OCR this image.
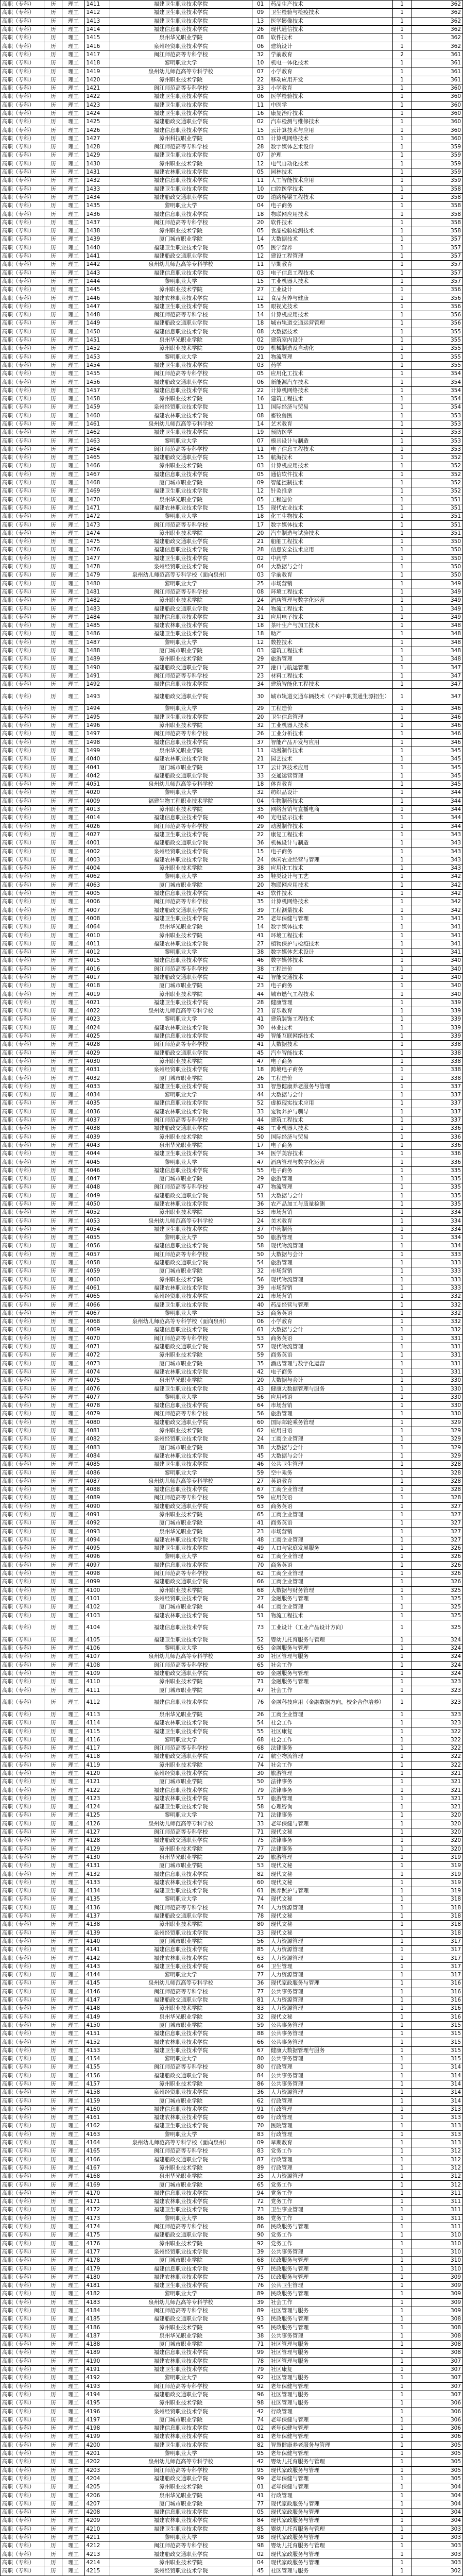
高职（专科）	历	理工	1411	福建卫生职业技术学院	01	药品生产技术	1	362
高职（专科）	历	理工	1412	福建卫生职业技术学院	09	卫生检验与检疫技术	1	362
高职（专科）	历	理工	1413	福建卫生职业技术学院	13	医学影像技术	1	362
高职（专科）	历	理工	1414	福建信息职业技术学院	26	现代通信技术	1	362
高职（专科）	历	理工	1415	泉州华光职业学院	08	软件技术	1	362
高职（专科）	历	理工	1416	泉州经贸职业技术学院	06	建筑设计	1	362
高职（专科）	历	理工	1417	闽江师范高等专科学校	32	学前教育	2	361
高职（专科）	历	理工	1418	黎明职业大学	10	机电一体化技术	1	361
高职（专科）	历	理工	1419	泉州幼儿师范高等专科学校	07	小学教育	1	361
高职（专科）	历	理工	1420	漳州职业技术学院	22	移动应用开发	1	361
高职（专科）	历	理工	1421	闽江师范高等专科学校	33	小学教育	1	360
高职（专科）	历	理工	1422	福建卫生职业技术学院	06	医学检验技术	1	360
高职（专科）	历	理工	1423	福建卫生职业技术学院	11	中医学	1	360
高职（专科）	历	理工	1424	福建卫生职业技术学院	16	康复治疗技术	1	360
高职（专科）	历	理工	1425	福建船政交通职业学院	02	汽车检测与维修技术	1	360
高职（专科）	历	理工	1426	福建信息职业技术学院	15	云计算技术与应用	1	360
高职（专科）	历	理工	1427	漳州科技职业学院	03	计算机网络技术	1	360
高职（专科）	历	理工	1428	闽江师范高等专科学校	28	数字媒体艺术设计	1	359
高职（专科）	历	理工	1429	福建卫生职业技术学院	07	护理	1	359
高职（专科）	历	理工	1430	漳州职业技术学院	12	电气自动化技术	1	359
高职（专科）	历	理工	1431	福建农林职业技术学院	05	园林技术	1	359
高职（专科）	历	理工	1432	福建信息职业技术学院	11	人工智能技术应用	1	359
高职（专科）	历	理工	1433	福建卫生职业技术学院	10	口腔医学技术	1	358
高职（专科）	历	理工	1434	福建船政交通职业学院	09	道路桥梁工程技术	1	358
高职（专科）	历	理工	1435	黎明职业大学	04	电子商务	1	358
高职（专科）	历	理工	1436	福建信息职业技术学院	18	物联网应用技术	1	358
高职（专科）	历	理工	1437	闽江师范高等专科学校	20	软件技术	1	358
高职（专科）	历	理工	1438	漳州职业技术学院	05	食品检验检测技术	1	358
高职（专科）	历	理工	1439	厦门城市职业学院	14	大数据技术	1	357
高职（专科）	历	理工	1440	福建卫生职业技术学院	05	医学营养	1	357
高职（专科）	历	理工	1441	福建船政交通职业学院	12	建设工程管理	1	357
高职（专科）	历	理工	1442	泉州幼儿师范高等专科学校	11	早期教育	1	357
高职（专科）	历	理工	1443	福建信息职业技术学院	03	电子信息工程技术	1	357
高职（专科）	历	理工	1444	黎明职业大学	15	工业机器人技术	1	357
高职（专科）	历	理工	1445	漳州职业技术学院	27	工业设计	1	356
高职（专科）	历	理工	1446	福建农林职业技术学院	12	食品营养与健康	1	356
高职（专科）	历	理工	1447	福建卫生职业技术学院	15	眼视光技术	1	356
高职（专科）	历	理工	1448	闽江师范高等专科学校	14	计算机应用技术	1	356
高职（专科）	历	理工	1449	福建船政交通职业学院	18	城市轨道交通运营管理	1	356
高职（专科）	历	理工	1450	福建信息职业技术学院	08	大数据技术	1	355
高职（专科）	历	理工	1451	泉州华光职业学院	02	建筑室内设计	1	355
高职（专科）	历	理工	1452	漳州职业技术学院	09	机械制造及自动化	1	355
高职（专科）	历	理工	1453	黎明职业大学	21	物流管理	1	355
高职（专科）	历	理工	1454	福建卫生职业技术学院	03	药学	1	355
高职（专科）	历	理工	1455	闽江师范高等专科学校	05	应用化工技术	1	354
高职（专科）	历	理工	1456	福建船政交通职业学院	06	新能源汽车技术	1	354
高职（专科）	历	理工	1457	福建信息职业技术学院	22	计算机网络技术	1	354
高职（专科）	历	理工	1458	漳州职业技术学院	16	建筑工程技术	1	354
高职（专科）	历	理工	1459	泉州经贸职业技术学院	11	国际经济与贸易	1	354
高职（专科）	历	理工	1460	福建农林职业技术学院	08	畜牧兽医	1	353
高职（专科）	历	理工	1461	泉州幼儿师范高等专科学校	14	艺术教育	1	353
高职（专科）	历	理工	1462	福建卫生职业技术学院	19	预防医学	1	353
高职（专科）	历	理工	1463	黎明职业大学	07	模具设计与制造	1	353
高职（专科）	历	理工	1464	闽江师范高等专科学校	11	电子信息工程技术	1	353
高职（专科）	历	理工	1465	福建船政交通职业学院	15	航海技术	1	352
高职（专科）	历	理工	1466	漳州职业技术学院	03	计算机应用技术	1	352
高职（专科）	历	理工	1467	福建信息职业技术学院	05	通信软件技术	1	352
高职（专科）	历	理工	1468	厦门城市职业学院	09	智能控制技术	1	352
高职（专科）	历	理工	1469	福建卫生职业技术学院	12	针灸推拿	1	352
高职（专科）	历	理工	1470	泉州华光职业学院	05	工程造价	1	351
高职（专科）	历	理工	1471	福建农林职业技术学院	15	现代农业技术	1	351
高职（专科）	历	理工	1472	黎明职业大学	18	化工生物技术	1	351
高职（专科）	历	理工	1473	闽江师范高等专科学校	17	数字媒体技术	1	351
高职（专科）	历	理工	1474	漳州职业技术学院	20	汽车制造与试验技术	1	351
高职（专科）	历	理工	1475	福建船政交通职业学院	21	船舶工程技术	1	350
高职（专科）	历	理工	1476	福建信息职业技术学院	28	信息安全技术应用	1	350
高职（专科）	历	理工	1477	福建卫生职业技术学院	02	中药学	1	350
高职（专科）	历	理工	1478	泉州经贸职业技术学院	04	大数据与会计	1	350
高职（专科）	历	理工	1479	泉州幼儿师范高等专科学校（面向泉州）	03	学前教育	1	350
高职（专科）	历	理工	1480	黎明职业大学	25	市场营销	1	349
高职（专科）	历	理工	1481	闽江师范高等专科学校	08	环境工程技术	1	349
高职（专科）	历	理工	1482	漳州职业技术学院	24	酒店管理与数字化运营	1	349
高职（专科）	历	理工	1483	福建船政交通职业学院	24	物流工程技术	1	349
高职（专科）	历	理工	1484	福建信息职业技术学院	31	应用电子技术	1	349
高职（专科）	历	理工	1485	福建农林职业技术学院	18	茶叶生产与加工技术	1	348
高职（专科）	历	理工	1486	福建卫生职业技术学院	18	助产	1	348
高职（专科）	历	理工	1487	黎明职业大学	12	数控技术	1	348
高职（专科）	历	理工	1488	厦门城市职业学院	03	建筑工程技术	1	348
高职（专科）	历	理工	1489	漳州职业技术学院	29	旅游管理	1	348
高职（专科）	历	理工	1490	福建船政交通职业学院	27	港口与航运管理	1	347
高职（专科）	历	理工	1491	闽江师范高等专科学校	23	材料工程技术	1	347
高职（专科）	历	理工	1492	福建信息职业技术学院	34	建筑智能化工程技术	1	347
高职（专科）	历	理工	1493	福建船政交通职业学院	30	城市轨道交通车辆技术（不向中职贯通生源招生）	1	347
高职（专科）	历	理工	1494	黎明职业大学	29	工程造价	1	346
高职（专科）	历	理工	1495	福建卫生职业技术学院	20	卫生信息管理	1	346
高职（专科）	历	理工	1496	漳州职业技术学院	32	工业机器人技术	1	346
高职（专科）	历	理工	1497	闽江师范高等专科学校	26	工业分析技术	1	346
高职（专科）	历	理工	1498	福建信息职业技术学院	37	智能产品开发与应用	1	346
高职（专科）	历	理工	1499	泉州华光职业学院	11	动漫制作技术	1	345
高职（专科）	历	理工	4040	福建农林职业技术学院	21	园艺技术	1	345
高职（专科）	历	理工	4041	厦门城市职业学院	17	云计算技术应用	1	345
高职（专科）	历	理工	4042	福建船政交通职业学院	33	交通运营管理	1	345
高职（专科）	历	理工	4051	泉州幼儿师范高等专科学校	18	体育教育	1	345
高职（专科）	历	理工	4020	黎明职业大学	32	纺织品设计	1	344
高职（专科）	历	理工	4009	福建生物工程职业技术学院	04	生物制药技术	1	344
高职（专科）	历	理工	4013	漳州职业技术学院	35	网络营销与直播电商	1	344
高职（专科）	历	理工	4014	福建信息职业技术学院	40	光电显示技术	1	344
高职（专科）	历	理工	4026	闽江师范高等专科学校	29	动漫制作技术	1	344
高职（专科）	历	理工	4027	福建卫生职业技术学院	22	康复工程技术	1	343
高职（专科）	历	理工	4001	福建船政交通职业学院	36	机械设计与制造	1	343
高职（专科）	历	理工	4002	泉州经贸职业技术学院	15	电子商务	1	343
高职（专科）	历	理工	4003	福建农林职业技术学院	24	休闲农业经营与管理	1	343
高职（专科）	历	理工	4004	漳州职业技术学院	38	应用化工技术	1	343
高职（专科）	历	理工	4062	黎明职业大学	35	鞋类设计与工艺	1	342
高职（专科）	历	理工	4063	厦门城市职业学院	20	物联网应用技术	1	342
高职（专科）	历	理工	4005	福建信息职业技术学院	43	软件技术	1	342
高职（专科）	历	理工	4006	闽江师范高等专科学校	35	计算机网络技术	1	342
高职（专科）	历	理工	4007	福建船政交通职业学院	39	工程测量技术	1	342
高职（专科）	历	理工	4008	福建卫生职业技术学院	25	老年保健与管理	1	341
高职（专科）	历	理工	4064	泉州华光职业学院	14	数字媒体技术	1	341
高职（专科）	历	理工	4010	漳州职业技术学院	41	环境工程技术	1	341
高职（专科）	历	理工	4011	福建农林职业技术学院	27	植物保护与检疫技术	1	341
高职（专科）	历	理工	4012	黎明职业大学	38	数字媒体艺术设计	1	341
高职（专科）	历	理工	4015	福建信息职业技术学院	46	数字媒体技术	1	340
高职（专科）	历	理工	4016	闽江师范高等专科学校	38	工程造价	1	340
高职（专科）	历	理工	4017	福建船政交通职业学院	42	智能交通技术	1	340
高职（专科）	历	理工	4018	厦门城市职业学院	23	电子商务	1	340
高职（专科）	历	理工	4019	漳州职业技术学院	44	城市燃气工程技术	1	340
高职（专科）	历	理工	4021	福建卫生职业技术学院	28	健康管理	1	339
高职（专科）	历	理工	4022	泉州幼儿师范高等专科学校	21	音乐教育	1	339
高职（专科）	历	理工	4023	黎明职业大学	41	建筑装饰工程技术	1	339
高职（专科）	历	理工	4024	福建农林职业技术学院	30	林业技术	1	339
高职（专科）	历	理工	4025	福建信息职业技术学院	49	智能互联网络技术	1	339
高职（专科）	历	理工	4028	闽江师范高等专科学校	41	大数据技术	1	338
高职（专科）	历	理工	4029	福建船政交通职业学院	45	汽车智能技术	1	338
高职（专科）	历	理工	4030	漳州职业技术学院	47	电子商务	1	338
高职（专科）	历	理工	4031	泉州经贸职业技术学院	18	跨境电子商务	1	338
高职（专科）	历	理工	4032	厦门城市职业学院	26	工程造价	1	338
高职（专科）	历	理工	4033	福建卫生职业技术学院	31	智慧健康养老服务与管理	1	337
高职（专科）	历	理工	4034	黎明职业大学	44	大数据与会计	1	337
高职（专科）	历	理工	4035	福建信息职业技术学院	52	虚拟现实技术应用	1	337
高职（专科）	历	理工	4036	福建农林职业技术学院	33	宠物养护与驯导	1	337
高职（专科）	历	理工	4037	闽江师范高等专科学校	44	建筑工程技术	1	337
高职（专科）	历	理工	4038	福建船政交通职业学院	48	工业机器人技术	1	336
高职（专科）	历	理工	4039	漳州职业技术学院	50	国际经济与贸易	1	336
高职（专科）	历	理工	4043	泉州华光职业学院	17	电子商务	1	336
高职（专科）	历	理工	4044	福建卫生职业技术学院	34	医学美容技术	1	336
高职（专科）	历	理工	4045	黎明职业大学	47	酒店管理与数字化运营	1	336
高职（专科）	历	理工	4046	福建信息职业技术学院	55	电子商务	1	335
高职（专科）	历	理工	4047	厦门城市职业学院	29	旅游管理	1	335
高职（专科）	历	理工	4048	闽江师范高等专科学校	47	物流管理	1	335
高职（专科）	历	理工	4049	福建船政交通职业学院	51	大数据与会计	1	335
高职（专科）	历	理工	4050	福建农林职业技术学院	36	农产品加工与质量检测	1	335
高职（专科）	历	理工	4052	漳州职业技术学院	53	市场营销	1	334
高职（专科）	历	理工	4053	泉州幼儿师范高等专科学校	24	美术教育	1	334
高职（专科）	历	理工	4054	福建卫生职业技术学院	37	中药制药	1	334
高职（专科）	历	理工	4055	黎明职业大学	50	旅游管理	1	334
高职（专科）	历	理工	4056	福建信息职业技术学院	58	现代物流管理	1	334
高职（专科）	历	理工	4057	闽江师范高等专科学校	50	大数据与会计	1	333
高职（专科）	历	理工	4058	福建船政交通职业学院	54	旅游管理	1	333
高职（专科）	历	理工	4059	厦门城市职业学院	32	市场营销	1	333
高职（专科）	历	理工	4060	漳州职业技术学院	56	现代物流管理	1	333
高职（专科）	历	理工	4061	福建农林职业技术学院	39	市场营销	1	333
高职（专科）	历	理工	4065	泉州经贸职业技术学院	21	市场营销	1	332
高职（专科）	历	理工	4066	福建卫生职业技术学院	40	药品经营与管理	1	332
高职（专科）	历	理工	4067	黎明职业大学	53	商务英语	1	332
高职（专科）	历	理工	4068	泉州幼儿师范高等专科学校（面向泉州）	06	小学教育	1	332
高职（专科）	历	理工	4069	福建信息职业技术学院	61	大数据与会计	1	332
高职（专科）	历	理工	4070	闽江师范高等专科学校	53	商务英语	1	331
高职（专科）	历	理工	4071	福建船政交通职业学院	57	现代物流管理	1	331
高职（专科）	历	理工	4072	漳州职业技术学院	59	商务英语	1	331
高职（专科）	历	理工	4073	厦门城市职业学院	35	酒店管理与数字化运营	1	331
高职（专科）	历	理工	4074	福建农林职业技术学院	42	电子商务	1	331
高职（专科）	历	理工	4075	泉州华光职业学院	20	大数据与会计	1	330
高职（专科）	历	理工	4076	福建卫生职业技术学院	43	健康大数据管理与服务	1	330
高职（专科）	历	理工	4077	黎明职业大学	56	应用韩语	1	330
高职（专科）	历	理工	4078	福建信息职业技术学院	64	市场营销	1	330
高职（专科）	历	理工	4079	闽江师范高等专科学校	56	旅游管理	1	330
高职（专科）	历	理工	4080	福建船政交通职业学院	60	国际邮轮乘务管理	1	329
高职（专科）	历	理工	4081	漳州职业技术学院	62	应用日语	1	329
高职（专科）	历	理工	4082	泉州经贸职业技术学院	24	工商企业管理	1	329
高职（专科）	历	理工	4083	厦门城市职业学院	38	大数据与会计	1	329
高职（专科）	历	理工	4084	福建农林职业技术学院	45	大数据与会计	1	329
高职（专科）	历	理工	4085	福建卫生职业技术学院	46	公共卫生管理	1	328
高职（专科）	历	理工	4086	黎明职业大学	59	空中乘务	1	328
高职（专科）	历	理工	4087	泉州幼儿师范高等专科学校	27	英语教育	1	328
高职（专科）	历	理工	4088	福建信息职业技术学院	67	工商企业管理	1	328
高职（专科）	历	理工	4089	闽江师范高等专科学校	59	应用英语	1	328
高职（专科）	历	理工	4090	福建船政交通职业学院	63	商务英语	1	327
高职（专科）	历	理工	4091	漳州职业技术学院	65	工商企业管理	1	327
高职（专科）	历	理工	4092	厦门城市职业学院	41	商务英语	1	327
高职（专科）	历	理工	4093	泉州华光职业学院	23	市场营销	1	327
高职（专科）	历	理工	4094	福建农林职业技术学院	48	工商企业管理	1	327
高职（专科）	历	理工	4095	福建卫生职业技术学院	49	人口与家庭发展服务	1	326
高职（专科）	历	理工	4096	黎明职业大学	62	工商企业管理	1	326
高职（专科）	历	理工	4097	福建信息职业技术学院	70	商务英语	1	326
高职（专科）	历	理工	4098	闽江师范高等专科学校	62	工商企业管理	1	326
高职（专科）	历	理工	4099	福建船政交通职业学院	66	工商企业管理	1	326
高职（专科）	历	理工	4100	漳州职业技术学院	68	大数据与财务管理	1	325
高职（专科）	历	理工	4101	泉州经贸职业技术学院	27	金融服务与管理	1	325
高职（专科）	历	理工	4102	厦门城市职业学院	44	工商企业管理	1	325
高职（专科）	历	理工	4103	福建农林职业技术学院	51	物流工程技术	1	325
高职（专科）	历	理工	4104	福建信息职业技术学院	73	工业设计（工业产品设计方向）	1	325
高职（专科）	历	理工	4105	福建卫生职业技术学院	52	婴幼儿托育服务与管理	1	324
高职（专科）	历	理工	4106	黎明职业大学	65	金融服务与管理	1	324
高职（专科）	历	理工	4107	泉州幼儿师范高等专科学校	30	社区管理与服务	1	324
高职（专科）	历	理工	4108	闽江师范高等专科学校	65	社会工作	1	324
高职（专科）	历	理工	4109	福建船政交通职业学院	69	金融服务与管理	1	324
高职（专科）	历	理工	4110	漳州职业技术学院	71	金融服务与管理	1	323
高职（专科）	历	理工	4111	厦门城市职业学院	47	社会工作	1	323
高职（专科）	历	理工	4112	福建信息职业技术学院	76	金融科技应用（金融数据方向，校企合作培养）	1	323
高职（专科）	历	理工	4113	泉州华光职业学院	26	工商企业管理	1	323
高职（专科）	历	理工	4114	福建农林职业技术学院	54	社会工作	1	323
高职（专科）	历	理工	4115	福建卫生职业技术学院	55	社区康复	1	322
高职（专科）	历	理工	4116	黎明职业大学	68	社会工作	1	322
高职（专科）	历	理工	4117	闽江师范高等专科学校	68	法律事务	1	322
高职（专科）	历	理工	4118	福建船政交通职业学院	72	航空物流管理	1	322
高职（专科）	历	理工	4119	漳州职业技术学院	74	社会工作	1	322
高职（专科）	历	理工	4120	泉州经贸职业技术学院	30	旅游管理	1	321
高职（专科）	历	理工	4121	厦门城市职业学院	50	法律事务	1	321
高职（专科）	历	理工	4122	福建信息职业技术学院	79	法律事务	1	321
高职（专科）	历	理工	4123	福建农林职业技术学院	57	旅游管理	1	321
高职（专科）	历	理工	4124	福建卫生职业技术学院	58	心理咨询	1	321
高职（专科）	历	理工	4125	黎明职业大学	71	法律事务	1	320
高职（专科）	历	理工	4126	泉州幼儿师范高等专科学校	33	老年保健与管理	1	320
高职（专科）	历	理工	4127	闽江师范高等专科学校	71	现代文秘	1	320
高职（专科）	历	理工	4128	福建船政交通职业学院	75	法律事务	1	320
高职（专科）	历	理工	4129	漳州职业技术学院	77	法律事务	1	320
高职（专科）	历	理工	4130	泉州华光职业学院	29	旅游管理	1	319
高职（专科）	历	理工	4131	厦门城市职业学院	53	现代文秘	1	319
高职（专科）	历	理工	4132	福建信息职业技术学院	82	现代文秘	1	319
高职（专科）	历	理工	4133	福建农林职业技术学院	60	现代文秘	1	319
高职（专科）	历	理工	4134	福建卫生职业技术学院	61	医养照护与管理	1	319
高职（专科）	历	理工	4135	黎明职业大学	74	现代文秘	1	318
高职（专科）	历	理工	4136	闽江师范高等专科学校	74	人力资源管理	1	318
高职（专科）	历	理工	4137	福建船政交通职业学院	78	现代文秘	1	318
高职（专科）	历	理工	4138	漳州职业技术学院	80	现代文秘	1	318
高职（专科）	历	理工	4139	泉州经贸职业技术学院	33	现代文秘	1	318
高职（专科）	历	理工	4140	厦门城市职业学院	56	人力资源管理	1	317
高职（专科）	历	理工	4141	福建信息职业技术学院	85	人力资源管理	1	317
高职（专科）	历	理工	4142	福建农林职业技术学院	63	人力资源管理	1	317
高职（专科）	历	理工	4143	福建卫生职业技术学院	64	卫生管理	1	317
高职（专科）	历	理工	4144	黎明职业大学	77	人力资源管理	1	317
高职（专科）	历	理工	4145	泉州幼儿师范高等专科学校	36	现代家政服务与管理	1	316
高职（专科）	历	理工	4146	闽江师范高等专科学校	77	公共事务管理	1	316
高职（专科）	历	理工	4147	福建船政交通职业学院	81	人力资源管理	1	316
高职（专科）	历	理工	4148	漳州职业技术学院	83	人力资源管理	1	316
高职（专科）	历	理工	4149	泉州华光职业学院	32	现代文秘	1	316
高职（专科）	历	理工	4150	厦门城市职业学院	59	公共事务管理	1	315
高职（专科）	历	理工	4151	福建信息职业技术学院	88	公共事务管理	1	315
高职（专科）	历	理工	4152	福建农林职业技术学院	66	公共事务管理	1	315
高职（专科）	历	理工	4153	福建卫生职业技术学院	67	健康大数据管理与服务	1	315
高职（专科）	历	理工	4154	黎明职业大学	80	公共事务管理	1	315
高职（专科）	历	理工	4155	闽江师范高等专科学校	80	行政管理	1	314
高职（专科）	历	理工	4156	福建船政交通职业学院	84	公共事务管理	1	314
高职（专科）	历	理工	4157	漳州职业技术学院	86	公共事务管理	1	314
高职（专科）	历	理工	4158	泉州经贸职业技术学院	36	人力资源管理	1	314
高职（专科）	历	理工	4159	厦门城市职业学院	62	行政管理	1	314
高职（专科）	历	理工	4160	福建信息职业技术学院	91	行政管理	1	313
高职（专科）	历	理工	4161	福建农林职业技术学院	69	行政管理	1	313
高职（专科）	历	理工	4162	福建卫生职业技术学院	70	医院管理	1	313
高职（专科）	历	理工	4163	黎明职业大学	83	行政管理	1	313
高职（专科）	历	理工	4164	泉州幼儿师范高等专科学校（面向泉州）	09	早期教育	1	313
高职（专科）	历	理工	4165	闽江师范高等专科学校	83	党务工作	1	312
高职（专科）	历	理工	4166	福建船政交通职业学院	87	行政管理	1	312
高职（专科）	历	理工	4167	漳州职业技术学院	89	行政管理	1	312
高职（专科）	历	理工	4168	泉州华光职业学院	35	人力资源管理	1	312
高职（专科）	历	理工	4169	厦门城市职业学院	65	党务工作	1	312
高职（专科）	历	理工	4170	福建信息职业技术学院	94	党务工作	1	311
高职（专科）	历	理工	4171	福建农林职业技术学院	72	党务工作	1	311
高职（专科）	历	理工	4172	福建卫生职业技术学院	73	卫生事业管理	1	311
高职（专科）	历	理工	4173	黎明职业大学	86	党务工作	1	311
高职（专科）	历	理工	4174	闽江师范高等专科学校	86	民政服务与管理	1	311
高职（专科）	历	理工	4175	福建船政交通职业学院	90	党务工作	1	310
高职（专科）	历	理工	4176	漳州职业技术学院	92	党务工作	1	310
高职（专科）	历	理工	4177	泉州经贸职业技术学院	39	公共事务管理	1	310
高职（专科）	历	理工	4178	厦门城市职业学院	68	民政服务与管理	1	310
高职（专科）	历	理工	4179	福建信息职业技术学院	97	民政服务与管理	1	310
高职（专科）	历	理工	4180	福建农林职业技术学院	75	民政服务与管理	1	309
高职（专科）	历	理工	4181	福建卫生职业技术学院	76	公共卫生管理	1	309
高职（专科）	历	理工	4182	黎明职业大学	89	民政服务与管理	1	309
高职（专科）	历	理工	4183	泉州幼儿师范高等专科学校	39	社会工作	1	309
高职（专科）	历	理工	4184	闽江师范高等专科学校	89	社区管理与服务	1	309
高职（专科）	历	理工	4185	福建船政交通职业学院	93	民政服务与管理	1	308
高职（专科）	历	理工	4186	漳州职业技术学院	95	民政服务与管理	1	308
高职（专科）	历	理工	4187	泉州华光职业学院	38	公共事务管理	1	308
高职（专科）	历	理工	4188	厦门城市职业学院	71	社区管理与服务	1	308
高职（专科）	历	理工	4189	福建信息职业技术学院	99	社区管理与服务	1	308
高职（专科）	历	理工	4190	福建农林职业技术学院	78	社区管理与服务	1	307
高职（专科）	历	理工	4191	福建卫生职业技术学院	79	社区康复	1	307
高职（专科）	历	理工	4192	黎明职业大学	92	社区管理与服务	1	307
高职（专科）	历	理工	4193	闽江师范高等专科学校	92	老年保健与管理	1	307
高职（专科）	历	理工	4194	福建船政交通职业学院	96	社区管理与服务	1	307
高职（专科）	历	理工	4195	漳州职业技术学院	98	社区管理与服务	1	306
高职（专科）	历	理工	4196	泉州经贸职业技术学院	42	行政管理	1	306
高职（专科）	历	理工	4197	厦门城市职业学院	74	老年保健与管理	1	306
高职（专科）	历	理工	4198	福建信息职业技术学院	02	老年保健与管理	1	306
高职（专科）	历	理工	4199	福建农林职业技术学院	81	老年保健与管理	1	306
高职（专科）	历	理工	4200	福建卫生职业技术学院	82	智慧健康养老服务与管理	1	305
高职（专科）	历	理工	4201	黎明职业大学	95	老年保健与管理	1	305
高职（专科）	历	理工	4202	泉州幼儿师范高等专科学校	42	婴幼儿托育服务与管理	1	305
高职（专科）	历	理工	4203	闽江师范高等专科学校	95	现代家政服务与管理	1	305
高职（专科）	历	理工	4204	福建船政交通职业学院	99	老年保健与管理	1	305
高职（专科）	历	理工	4205	漳州职业技术学院	01	老年保健与管理	1	304
高职（专科）	历	理工	4206	泉州华光职业学院	41	行政管理	1	304
高职（专科）	历	理工	4207	厦门城市职业学院	77	现代家政服务与管理	1	304
高职（专科）	历	理工	4208	福建信息职业技术学院	05	现代家政服务与管理	1	304
高职（专科）	历	理工	4209	福建农林职业技术学院	84	现代家政服务与管理	1	304
高职（专科）	历	理工	4210	福建卫生职业技术学院	85	婴幼儿托育服务与管理	1	303
高职（专科）	历	理工	4211	黎明职业大学	98	现代家政服务与管理	1	303
高职（专科）	历	理工	4212	闽江师范高等专科学校	98	婴幼儿托育服务与管理	1	303
高职（专科）	历	理工	4213	福建船政交通职业学院	02	现代家政服务与管理	1	303
高职（专科）	历	理工	4214	漳州职业技术学院	04	现代家政服务与管理	1	303
高职（专科）	历	理工	4215	泉州经贸职业技术学院	45	社区管理与服务	1	302
